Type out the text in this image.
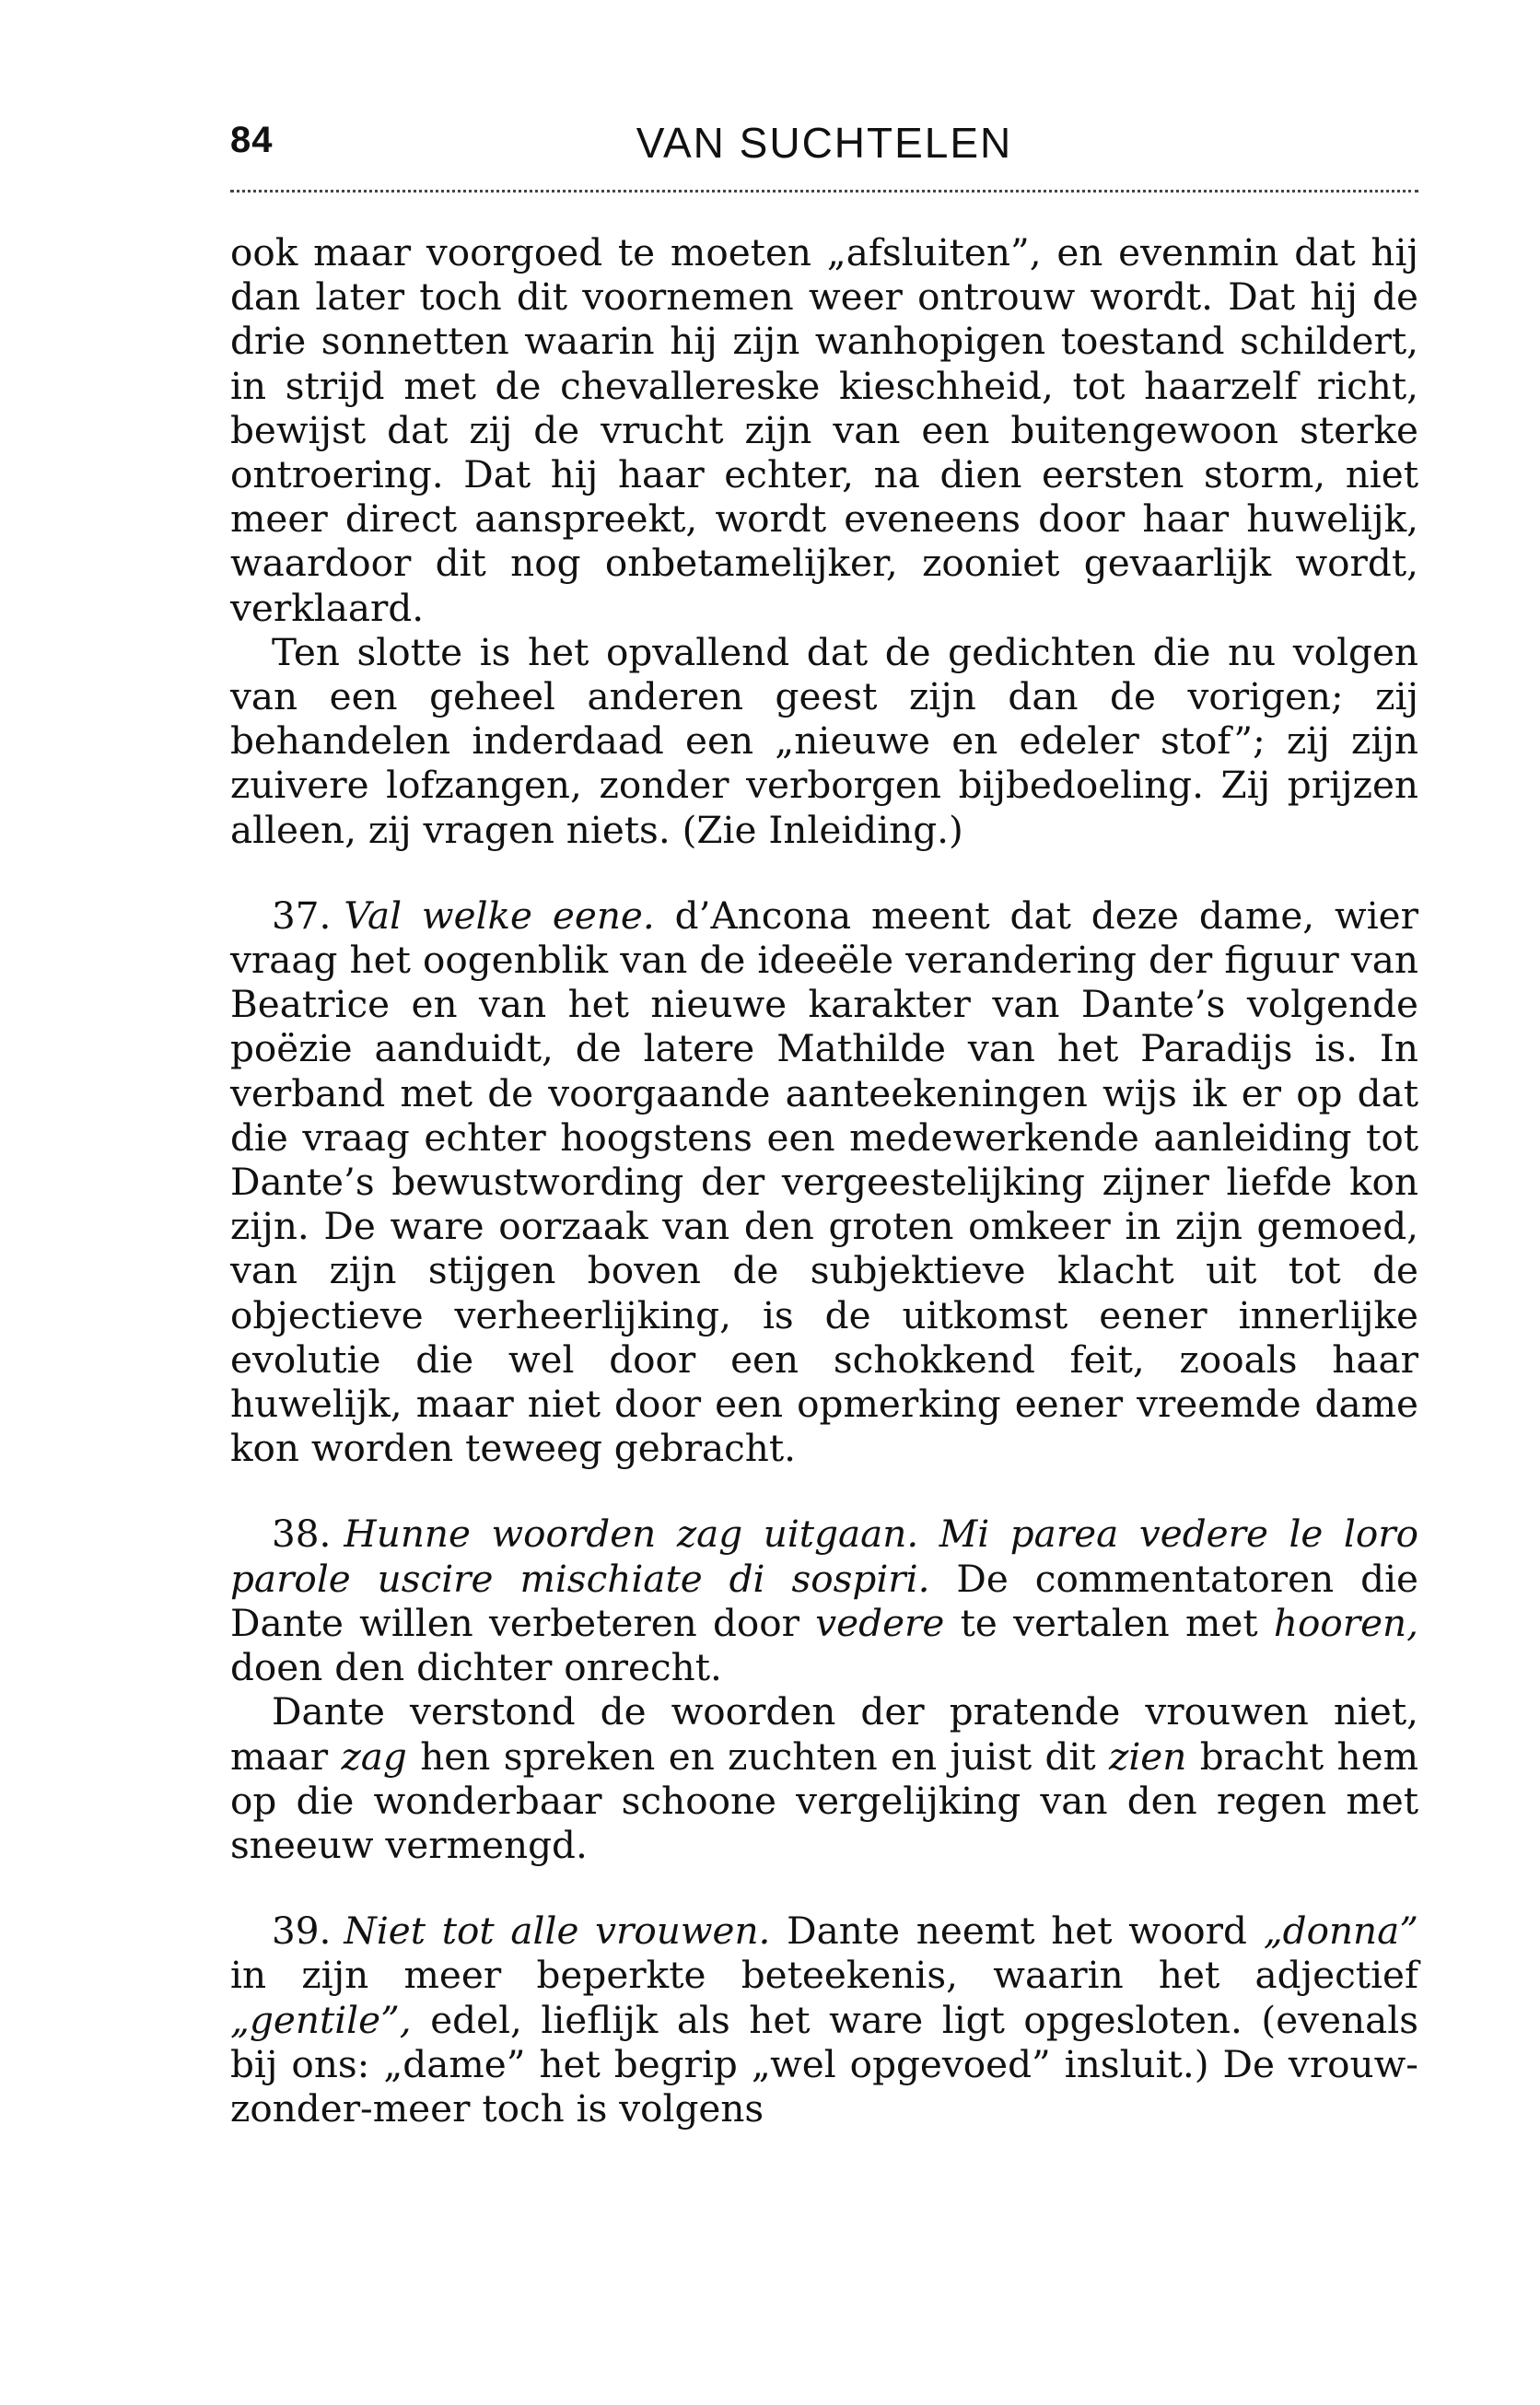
84	VAN SUCHTELEN

ook maar voorgoed te moeten „afsluiten”, en evenmin dat hij dan later toch dit voornemen weer ontrouw wordt. Dat hij de drie sonnetten waarin hij zijn wanhopigen toestand schildert, in strijd met de chevallereske kieschheid, tot haarzelf richt, bewijst dat zij de vrucht zijn van een buitengewoon sterke ontroering. Dat hij haar echter, na dien eersten storm, niet meer direct aanspreekt, wordt eveneens door haar huwelijk, waardoor dit nog onbetamelijker, zooniet gevaarlijk wordt, verklaard.

Ten slotte is het opvallend dat de gedichten die nu volgen van een geheel anderen geest zijn dan de vorigen; zij behandelen inderdaad een „nieuwe en edeler stof”; zij zijn zuivere lofzangen, zonder verborgen bijbedoeling. Zij prijzen alleen, zij vragen niets. (Zie Inleiding.)

37. Val welke eene. d’Ancona meent dat deze dame, wier vraag het oogenblik van de ideeële verandering der figuur van Beatrice en van het nieuwe karakter van Dante’s volgende poëzie aanduidt, de latere Mathilde van het Paradijs is. In verband met de voorgaande aanteekeningen wijs ik er op dat die vraag echter hoogstens een medewerkende aanleiding tot Dante’s bewustwording der vergeestelijking zijner liefde kon zijn. De ware oorzaak van den groten omkeer in zijn gemoed, van zijn stijgen boven de subjektieve klacht uit tot de objectieve verheerlijking, is de uitkomst eener innerlijke evolutie die wel door een schokkend feit, zooals haar huwelijk, maar niet door een opmerking eener vreemde dame kon worden teweeg gebracht.

38. Hunne woorden zag uitgaan. Mi parea vedere le loro parole uscire mischiate di sospiri. De commentatoren die Dante willen verbeteren door vedere te vertalen met hooren, doen den dichter onrecht.

Dante verstond de woorden der pratende vrouwen niet, maar zag hen spreken en zuchten en juist dit zien bracht hem op die wonderbaar schoone vergelijking van den regen met sneeuw vermengd.

39. Niet tot alle vrouwen. Dante neemt het woord „donna” in zijn meer beperkte beteekenis, waarin het adjectief „gentile”, edel, lieflijk als het ware ligt opgesloten. (evenals bij ons: „dame” het begrip „wel opgevoed” insluit.) De vrouw-zonder-meer toch is volgens
